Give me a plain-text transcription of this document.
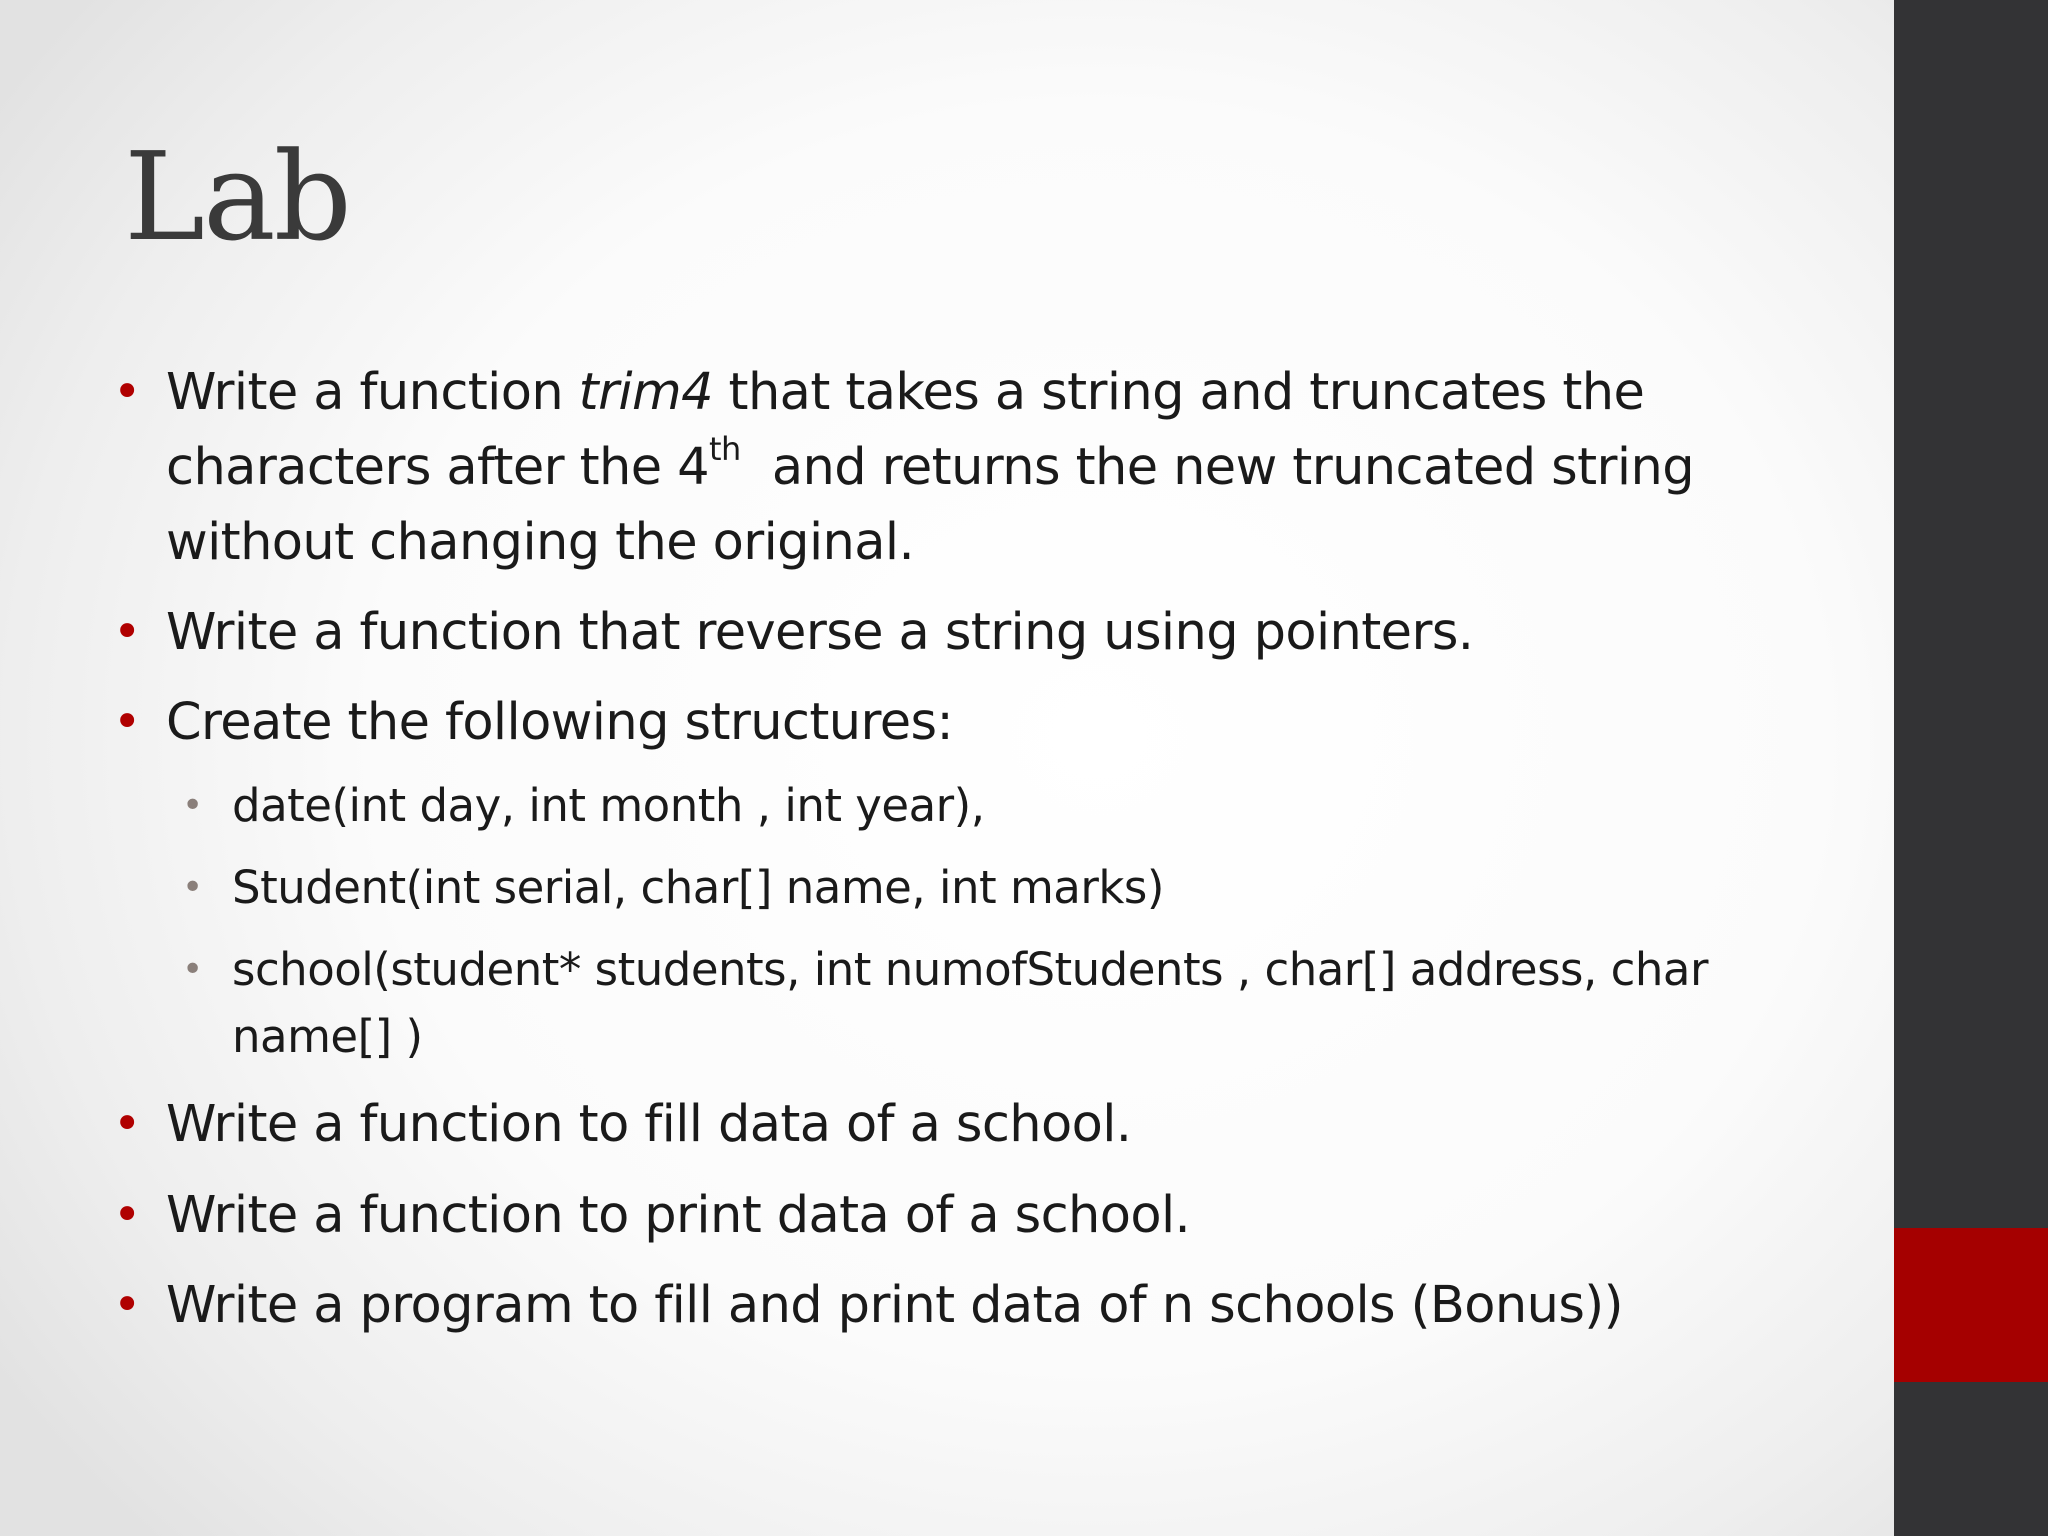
Lab
• Write a function trim4 that takes a string and truncates the
characters after the 4th  and returns the new truncated string
without changing the original.
• Write a function that reverse a string using pointers.
• Create the following structures:
• date(int day, int month , int year),
• Student(int serial, char[] name, int marks)
• school(student* students, int numofStudents , char[] address, char
name[] )
• Write a function to fill data of a school.
• Write a function to print data of a school.
• Write a program to fill and print data of n schools (Bonus))
